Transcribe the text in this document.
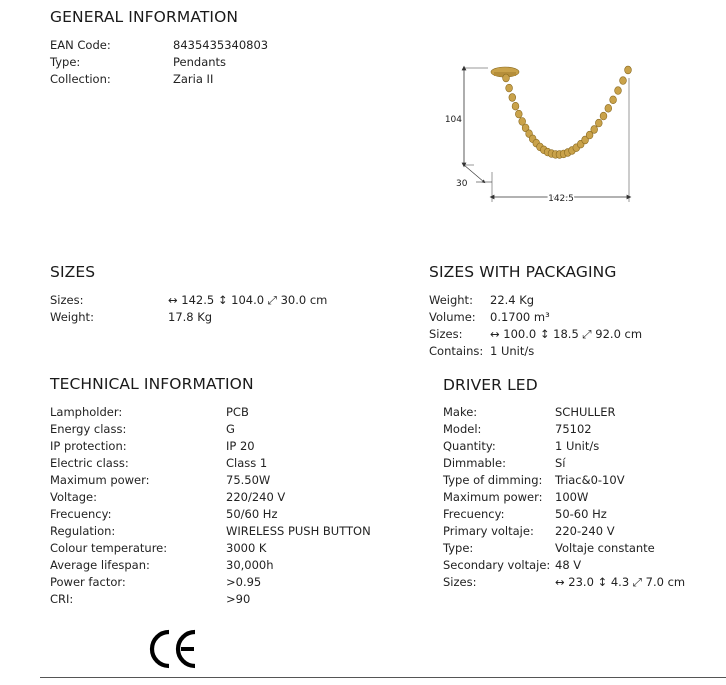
GENERAL INFORMATION
EAN Code:	8435435340803
Type:	Pendants
Collection:	Zaria II
104
30
142.5
SIZES
Sizes:	↔ 142.5 ↕ 104.0 ⤢ 30.0 cm
Weight:	17.8 Kg
SIZES WITH PACKAGING
Weight: 22.4 Kg
Volume: 0.1700 m³
Sizes: ↔ 100.0 ↕ 18.5 ⤢ 92.0 cm
Contains: 1 Unit/s
TECHNICAL INFORMATION
Lampholder:	PCB
Energy class:	G
IP protection:	IP 20
Electric class:	Class 1
Maximum power:	75.50W
Voltage:	220/240 V
Frecuency:	50/60 Hz
Regulation:	WIRELESS PUSH BUTTON
Colour temperature:	3000 K
Average lifespan:	30,000h
Power factor:	>0.95
CRI:	>90
DRIVER LED
Make:	SCHULLER
Model:	75102
Quantity:	1 Unit/s
Dimmable:	Sí
Type of dimming: Triac&0-10V
Maximum power: 100W
Frecuency:	50-60 Hz
Primary voltaje: 220-240 V
Type:	Voltaje constante
Secondary voltaje: 48 V
Sizes:	↔ 23.0 ↕ 4.3 ⤢ 7.0 cm
